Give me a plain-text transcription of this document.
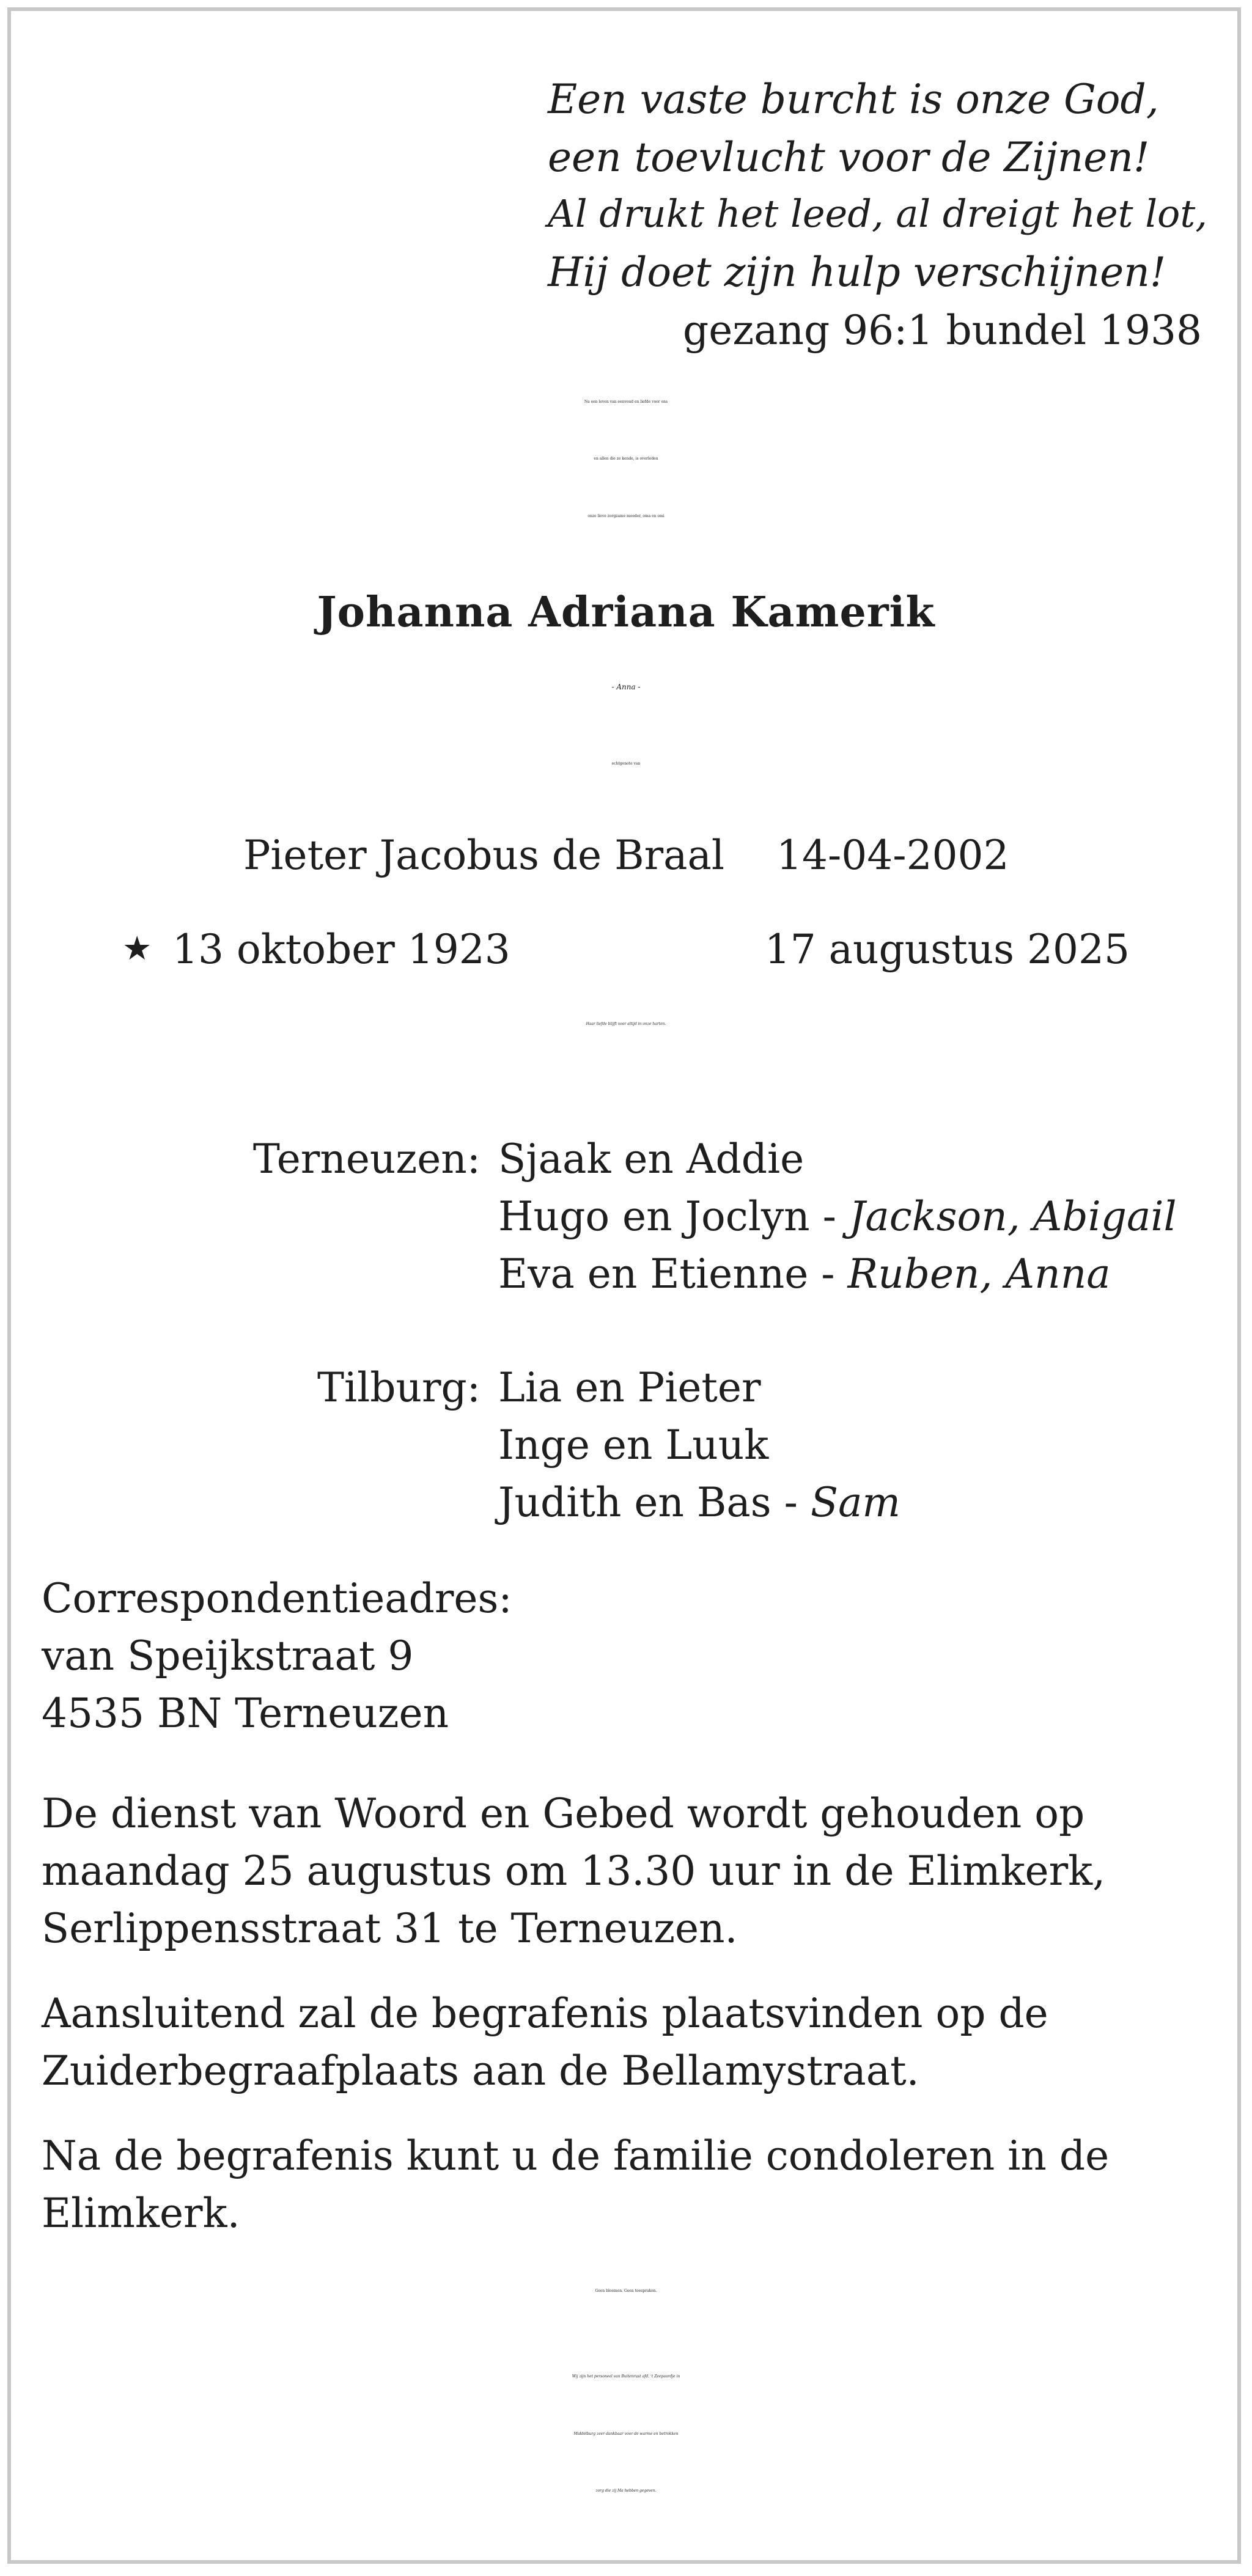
Een vaste burcht is onze God,

een toevlucht voor de Zijnen!

Al drukt het leed, al dreigt het lot,

Hij doet zijn hulp verschijnen!

gezang 96:1 bundel 1938

Na een leven van eenvoud en liefde voor ons

en allen die ze kende, is overleden

onze lieve zorgzame moeder, oma en omi

Johanna Adriana Kamerik

- Anna -

echtgenote van

Pieter Jacobus de Braal 14-04-2002

★ 13 oktober 1923	17 augustus 2025

Haar liefde blijft voor altijd in onze harten.

Terneuzen: Sjaak en Addie

Hugo en Joclyn - Jackson, Abigail

Eva en Etienne - Ruben, Anna

Tilburg: Lia en Pieter

Inge en Luuk

Judith en Bas - Sam

Correspondentieadres:

van Speijkstraat 9

4535 BN Terneuzen

De dienst van Woord en Gebed wordt gehouden op

maandag 25 augustus om 13.30 uur in de Elimkerk,

Serlippensstraat 31 te Terneuzen.

Aansluitend zal de begrafenis plaatsvinden op de

Zuiderbegraafplaats aan de Bellamystraat.

Na de begrafenis kunt u de familie condoleren in de

Elimkerk.

Geen bloemen. Geen toespraken.

Wij zijn het personeel van Buitenrust afd. ‘t Zeepaardje in

Middelburg zeer dankbaar voor de warme en betrokken

zorg die zij Ma hebben gegeven.
